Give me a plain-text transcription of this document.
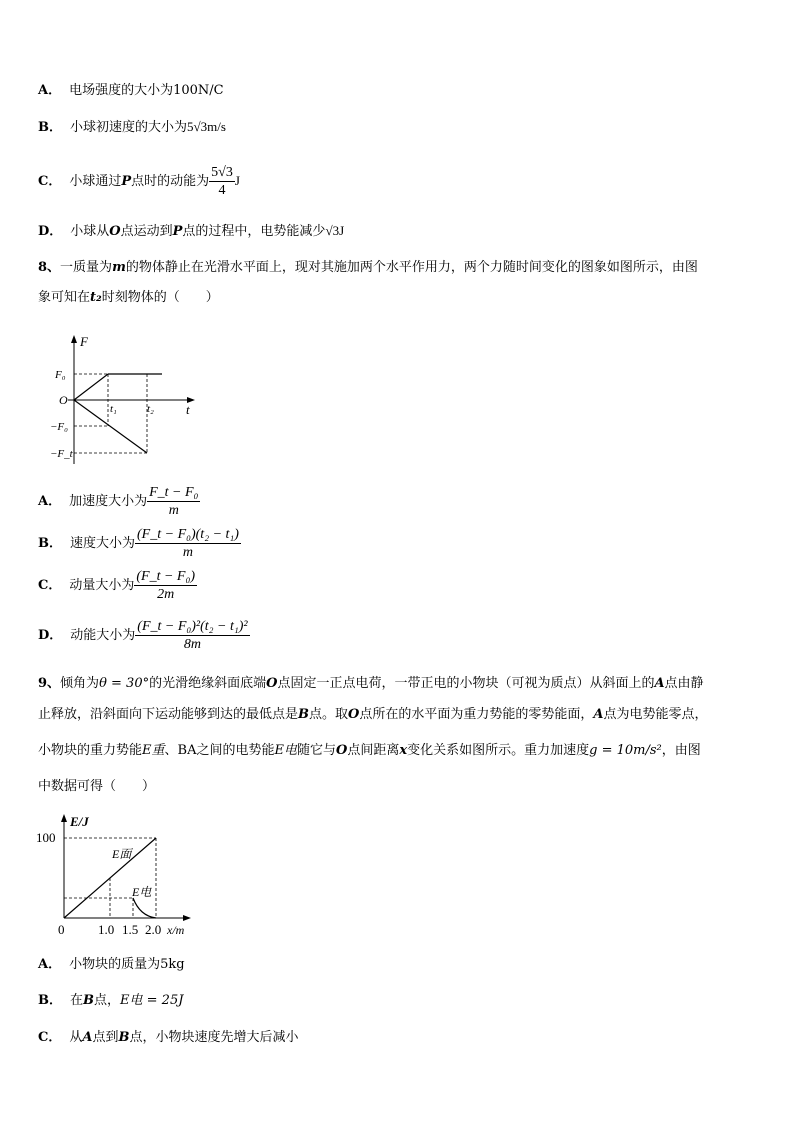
A． 电场强度的大小为100N/C
B． 小球初速度的大小为5√3m/s
C． 小球通过P点时的动能为 $\frac{5√3}{4}$ J
D． 小球从O点运动到P点的过程中，电势能减少√3J
8、一质量为m的物体静止在光滑水平面上，现对其施加两个水平作用力，两个力随时间变化的图象如图所示，由图
象可知在t₂时刻物体的（　　）
F
t
O
F₀
−F₀
−F_t
t₁	t₂
A． 加速度大小为 $\frac{\text{F\_t − F₀}}{m}$
B． 速度大小为 $\frac{\text{(F\_t − F₀)(t₂ − t₁)}}{m}$
C． 动量大小为 $\frac{\text{(F\_t − F₀)}}{2m}$
D． 动能大小为 $\frac{\text{(F\_t − F₀)²(t₂ − t₁)²}}{8m}$
9、倾角为θ = 30°的光滑绝缘斜面底端O点固定一正点电荷，一带正电的小物块（可视为质点）从斜面上的A点由静
止释放，沿斜面向下运动能够到达的最低点是B点。取O点所在的水平面为重力势能的零势能面，A点为电势能零点，
小物块的重力势能E重、BA之间的电势能E电随它与O点间距离x变化关系如图所示。重力加速度g = 10m/s²，由图
中数据可得（　　）
E/J
100
0	1.0 1.5 2.0 x/m
E面
E电
A． 小物块的质量为5kg
B． 在B点，E电 = 25J
C． 从A点到B点，小物块速度先增大后减小
